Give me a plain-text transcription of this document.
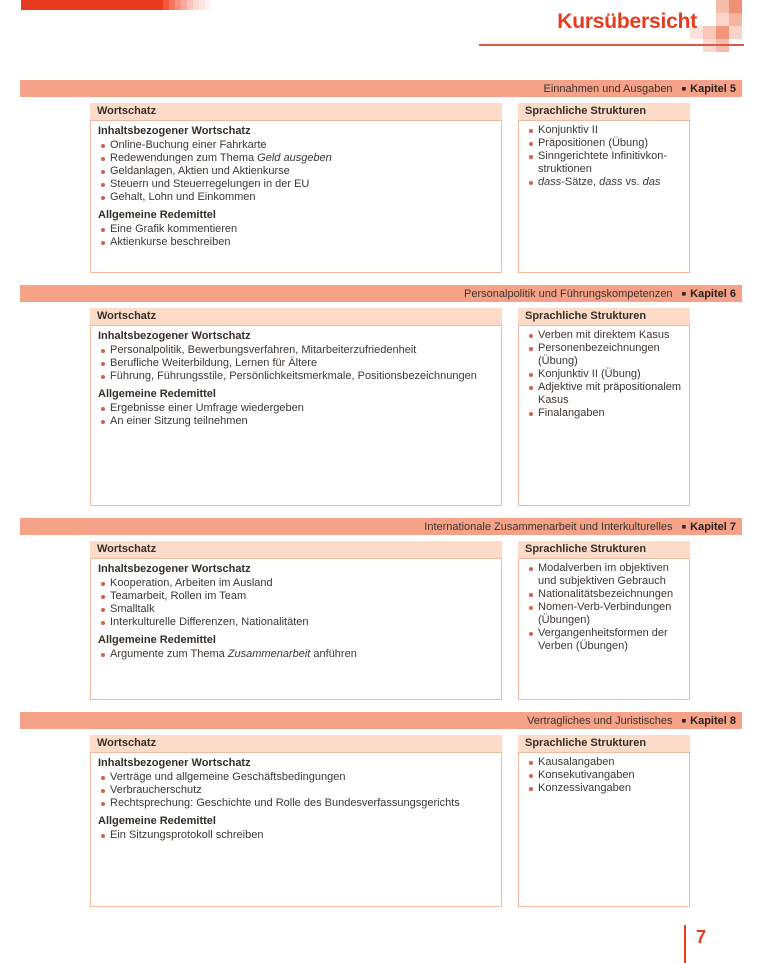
Kursübersicht
Einnahmen und Ausgaben ■ Kapitel 5
Wortschatz
Inhaltsbezogener Wortschatz
Online-Buchung einer Fahrkarte
Redewendungen zum Thema Geld ausgeben
Geldanlagen, Aktien und Aktienkurse
Steuern und Steuerregelungen in der EU
Gehalt, Lohn und Einkommen
Allgemeine Redemittel
Eine Grafik kommentieren
Aktienkurse beschreiben
Sprachliche Strukturen
Konjunktiv II
Präpositionen (Übung)
Sinngerichtete Infinitivkonstruktionen
dass-Sätze, dass vs. das
Personalpolitik und Führungskompetenzen ■ Kapitel 6
Wortschatz
Inhaltsbezogener Wortschatz
Personalpolitik, Bewerbungsverfahren, Mitarbeiterzufriedenheit
Berufliche Weiterbildung, Lernen für Ältere
Führung, Führungsstile, Persönlichkeitsmerkmale, Positionsbezeichnungen
Allgemeine Redemittel
Ergebnisse einer Umfrage wiedergeben
An einer Sitzung teilnehmen
Sprachliche Strukturen
Verben mit direktem Kasus
Personenbezeichnungen (Übung)
Konjunktiv II (Übung)
Adjektive mit präpositionalem Kasus
Finalangaben
Internationale Zusammenarbeit und Interkulturelles ■ Kapitel 7
Wortschatz
Inhaltsbezogener Wortschatz
Kooperation, Arbeiten im Ausland
Teamarbeit, Rollen im Team
Smalltalk
Interkulturelle Differenzen, Nationalitäten
Allgemeine Redemittel
Argumente zum Thema Zusammenarbeit anführen
Sprachliche Strukturen
Modalverben im objektiven und subjektiven Gebrauch
Nationalitätsbezeichnungen
Nomen-Verb-Verbindungen (Übungen)
Vergangenheitsformen der Verben (Übungen)
Vertragliches und Juristisches ■ Kapitel 8
Wortschatz
Inhaltsbezogener Wortschatz
Verträge und allgemeine Geschäftsbedingungen
Verbraucherschutz
Rechtsprechung: Geschichte und Rolle des Bundesverfassungsgerichts
Allgemeine Redemittel
Ein Sitzungsprotokoll schreiben
Sprachliche Strukturen
Kausalangaben
Konsekutivangaben
Konzessivangaben
7
